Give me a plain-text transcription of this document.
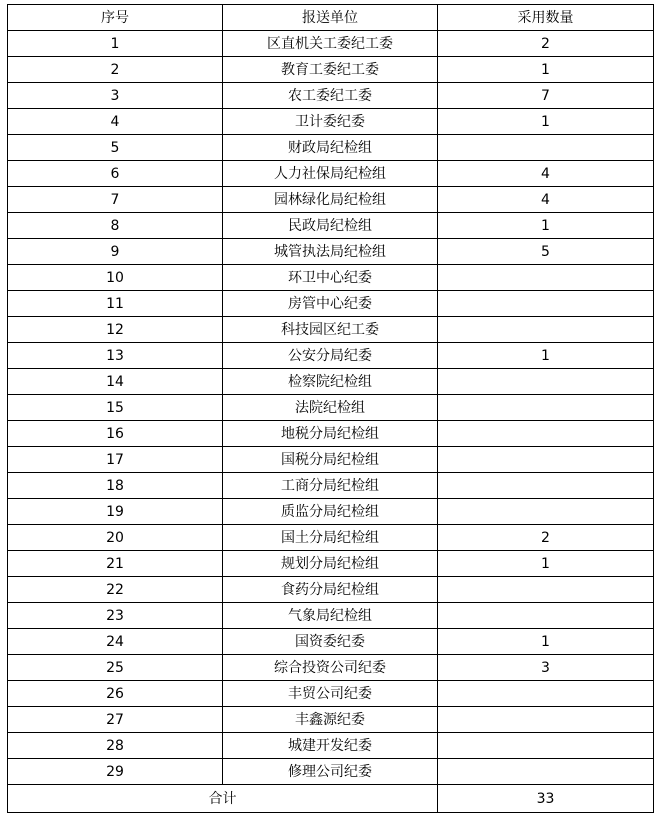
序号	报送单位	采用数量
1	区直机关工委纪工委	2
2	教育工委纪工委	1
3	农工委纪工委	7
4	卫计委纪委	1
5	财政局纪检组	
6	人力社保局纪检组	4
7	园林绿化局纪检组	4
8	民政局纪检组	1
9	城管执法局纪检组	5
10	环卫中心纪委	
11	房管中心纪委	
12	科技园区纪工委	
13	公安分局纪委	1
14	检察院纪检组	
15	法院纪检组	
16	地税分局纪检组	
17	国税分局纪检组	
18	工商分局纪检组	
19	质监分局纪检组	
20	国土分局纪检组	2
21	规划分局纪检组	1
22	食药分局纪检组	
23	气象局纪检组	
24	国资委纪委	1
25	综合投资公司纪委	3
26	丰贸公司纪委	
27	丰鑫源纪委	
28	城建开发纪委	
29	修理公司纪委	
合计		33
